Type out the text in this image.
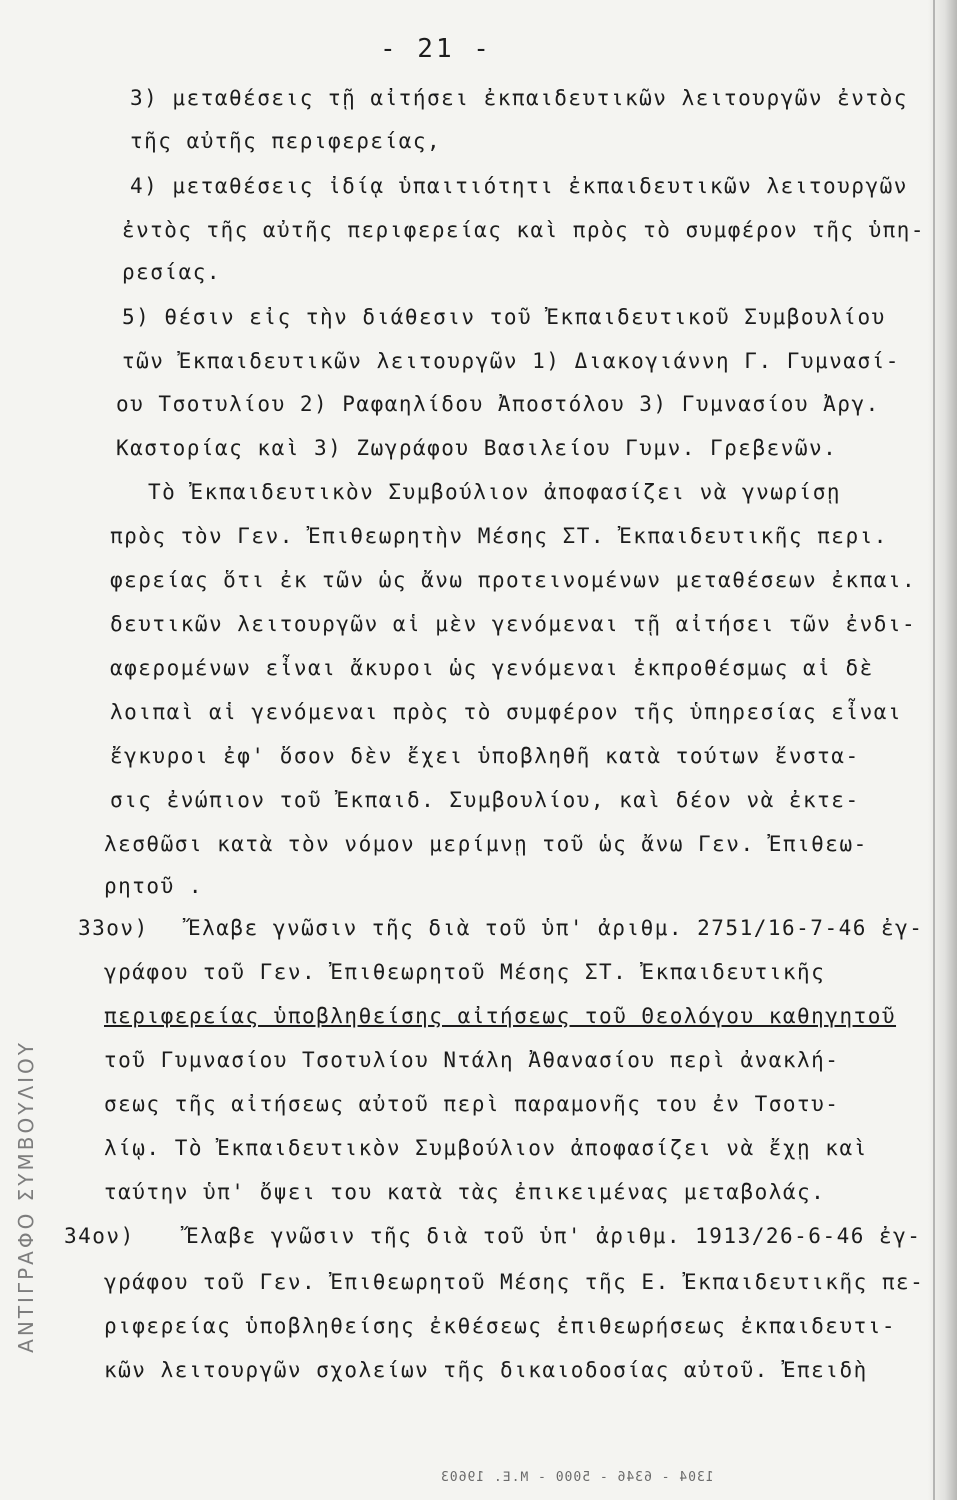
ΑΝΤΙΓΡΑΦΟ ΣΥΜΒΟΥΛΙΟΥ
- 21 -
3) μεταθέσεις τῇ αἰτήσει ἐκπαιδευτικῶν λειτουργῶν ἐντὸς
τῆς αὐτῆς περιφερείας,
4) μεταθέσεις ἰδίᾳ ὑπαιτιότητι ἐκπαιδευτικῶν λειτουργῶν
ἐντὸς τῆς αὐτῆς περιφερείας καὶ πρὸς τὸ συμφέρον τῆς ὑπη-
ρεσίας.
5) θέσιν εἰς τὴν διάθεσιν τοῦ Ἐκπαιδευτικοῦ Συμβουλίου
τῶν Ἐκπαιδευτικῶν λειτουργῶν 1) Διακογιάννη Γ. Γυμνασί-
ου Τσοτυλίου 2) Ραφαηλίδου Ἀποστόλου 3) Γυμνασίου Ἀργ.
Καστορίας καὶ 3) Ζωγράφου Βασιλείου Γυμν. Γρεβενῶν.
Τὸ Ἐκπαιδευτικὸν Συμβούλιον ἀποφασίζει νὰ γνωρίσῃ
πρὸς τὸν Γεν. Ἐπιθεωρητὴν Μέσης ΣΤ. Ἐκπαιδευτικῆς περι.
φερείας ὅτι ἐκ τῶν ὡς ἄνω προτεινομένων μεταθέσεων ἐκπαι.
δευτικῶν λειτουργῶν αἱ μὲν γενόμεναι τῇ αἰτήσει τῶν ἐνδι-
αφερομένων εἶναι ἄκυροι ὡς γενόμεναι ἐκπροθέσμως αἱ δὲ
λοιπαὶ αἱ γενόμεναι πρὸς τὸ συμφέρον τῆς ὑπηρεσίας εἶναι
ἔγκυροι ἐφ' ὅσον δὲν ἔχει ὑποβληθῆ κατὰ τούτων ἔνστα-
σις ἐνώπιον τοῦ Ἐκπαιδ. Συμβουλίου, καὶ δέον νὰ ἐκτε-
λεσθῶσι κατὰ τὸν νόμον μερίμνῃ τοῦ ὡς ἄνω Γεν. Ἐπιθεω-
ρητοῦ .
33ον) Ἔλαβε γνῶσιν τῆς διὰ τοῦ ὑπ' ἀριθμ. 2751/16-7-46 ἐγ-
γράφου τοῦ Γεν. Ἐπιθεωρητοῦ Μέσης ΣΤ. Ἐκπαιδευτικῆς
περιφερείας ὑποβληθείσης αἰτήσεως τοῦ Θεολόγου καθηγητοῦ
τοῦ Γυμνασίου Τσοτυλίου Ντάλη Ἀθανασίου περὶ ἀνακλή-
σεως τῆς αἰτήσεως αὐτοῦ περὶ παραμονῆς του ἐν Τσοτυ-
λίῳ. Τὸ Ἐκπαιδευτικὸν Συμβούλιον ἀποφασίζει νὰ ἔχῃ καὶ
ταύτην ὑπ' ὄψει του κατὰ τὰς ἐπικειμένας μεταβολάς.
34ον) Ἔλαβε γνῶσιν τῆς διὰ τοῦ ὑπ' ἀριθμ. 1913/26-6-46 ἐγ-
γράφου τοῦ Γεν. Ἐπιθεωρητοῦ Μέσης τῆς Ε. Ἐκπαιδευτικῆς πε-
ριφερείας ὑποβληθείσης ἐκθέσεως ἐπιθεωρήσεως ἐκπαιδευτι-
κῶν λειτουργῶν σχολείων τῆς δικαιοδοσίας αὐτοῦ. Ἐπειδὴ
1304 - 6346 - 5000 - Μ.Ε. 19603
